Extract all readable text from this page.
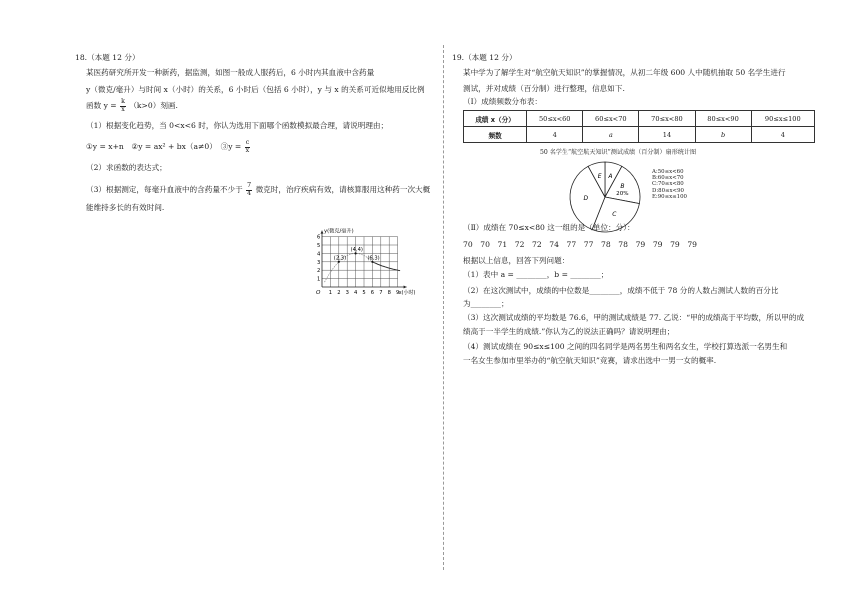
18.（本题 12 分）
某医药研究所开发一种新药，据监测，如图一般成人服药后，6 小时内其血液中含药量
y（微克/毫升）与时间 x（小时）的关系，6 小时后（包括 6 小时），y 与 x 的关系可近似地用反比例
函数 $y = \frac{k}{x} (k>0)$刻画.
（1）根据变化趋势，当 0<x<6 时，你认为选用下面哪个函数模拟最合理，请说明理由；
①y = x+n　②y = ax² + bx（a≠0）　③y = $\frac{c}{x}$
（2）求函数的表达式；
（3）根据测定，每毫升血液中的含药量不少于 $\frac{7}{4}$ 微克时，治疗疾病有效，请核算服用这种药一次大概
能维持多长的有效时间.
y(微克/毫升)
x(小时)
O 1 2 3 4 5 6 7 8 9
1
2
3
4
5
6
(2,3)
(4,4)
(6,3)
19.（本题 12 分）
某中学为了解学生对“航空航天知识”的掌握情况，从初二年级 600 人中随机抽取 50 名学生进行
测试，并对成绩（百分制）进行整理，信息如下.
（Ⅰ）成绩频数分布表：
成绩 x（分）	50≤x<60	60≤x<70	70≤x<80	80≤x<90	90≤x≤100
频数	4	a	14	b	4
50 名学生“航空航天知识”测试成绩（百分制）扇形统计图
A
B
20%
C
D
E
A:50≤x<60
B:60≤x<70
C:70≤x<80
D:80≤x<90
E:90≤x≤100
（Ⅱ）成绩在 70≤x<80 这一组的是（单位：分）：
70　70　71　72　72　74　77　77　78　78　79　79　79　79
根据以上信息，回答下列问题：
（1）表中 a = ________，b = ________；
（2）在这次测试中，成绩的中位数是________，成绩不低于 78 分的人数占测试人数的百分比
为________；
（3）这次测试成绩的平均数是 76.6，甲的测试成绩是 77. 乙说：“甲的成绩高于平均数，所以甲的成
绩高于一半学生的成绩.”你认为乙的说法正确吗？请说明理由；
（4）测试成绩在 90≤x≤100 之间的四名同学是两名男生和两名女生，学校打算选派一名男生和
一名女生参加市里举办的“航空航天知识”竞赛，请求出选中一男一女的概率.
